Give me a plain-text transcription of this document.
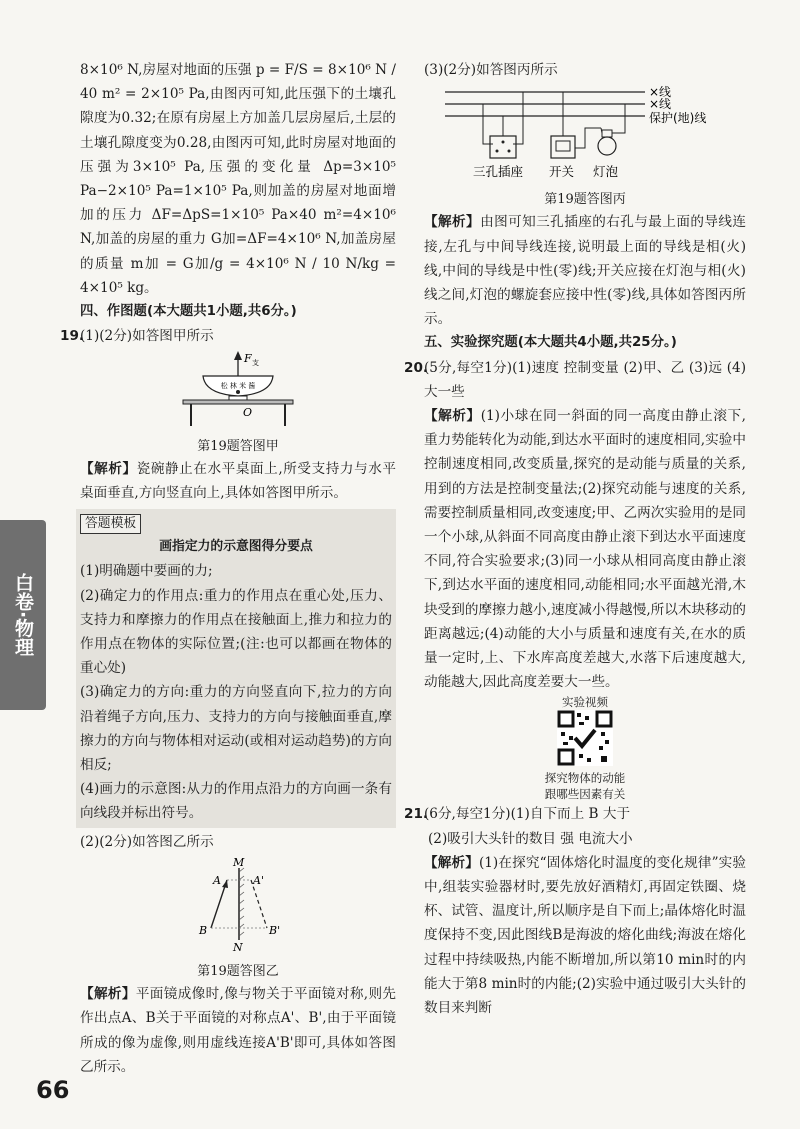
白卷·物理

8×10⁶ N,房屋对地面的压强 p = F/S = 8×10⁶ N / 40 m² = 2×10⁵ Pa,由图丙可知,此压强下的土壤孔隙度为0.32;在原有房屋上方加盖几层房屋后,土层的土壤孔隙度变为0.28,由图丙可知,此时房屋对地面的压强为3×10⁵ Pa,压强的变化量 Δp=3×10⁵ Pa−2×10⁵ Pa=1×10⁵ Pa,则加盖的房屋对地面增加的压力 ΔF=ΔpS=1×10⁵ Pa×40 m²=4×10⁶ N,加盖的房屋的重力 G加=ΔF=4×10⁶ N,加盖房屋的质量 m加 = G加/g = 4×10⁶ N / 10 N/kg = 4×10⁵ kg。

四、作图题(本大题共1小题,共6分。)

19.(1)(2分)如答图甲所示

F 支
松 林 米 酱
O

第19题答图甲

【解析】瓷碗静止在水平桌面上,所受支持力与水平桌面垂直,方向竖直向上,具体如答图甲所示。

答题模板

画指定力的示意图得分要点

(1)明确题中要画的力;

(2)确定力的作用点:重力的作用点在重心处,压力、支持力和摩擦力的作用点在接触面上,推力和拉力的作用点在物体的实际位置;(注:也可以都画在物体的重心处)

(3)确定力的方向:重力的方向竖直向下,拉力的方向沿着绳子方向,压力、支持力的方向与接触面垂直,摩擦力的方向与物体相对运动(或相对运动趋势)的方向相反;

(4)画力的示意图:从力的作用点沿力的方向画一条有向线段并标出符号。

(2)(2分)如答图乙所示

M
N
A	A'
B	B'

第19题答图乙

【解析】平面镜成像时,像与物关于平面镜对称,则先作出点A、B关于平面镜的对称点A'、B',由于平面镜所成的像为虚像,则用虚线连接A'B'即可,具体如答图乙所示。

(3)(2分)如答图丙所示

×线
×线
保护(地)线
三孔插座 开关 灯泡

第19题答图丙

【解析】由图可知三孔插座的右孔与最上面的导线连接,左孔与中间导线连接,说明最上面的导线是相(火)线,中间的导线是中性(零)线;开关应接在灯泡与相(火)线之间,灯泡的螺旋套应接中性(零)线,具体如答图丙所示。

五、实验探究题(本大题共4小题,共25分。)

20.(5分,每空1分)(1)速度 控制变量 (2)甲、乙 (3)远 (4)大一些

【解析】(1)小球在同一斜面的同一高度由静止滚下,重力势能转化为动能,到达水平面时的速度相同,实验中控制速度相同,改变质量,探究的是动能与质量的关系,用到的方法是控制变量法;(2)探究动能与速度的关系,需要控制质量相同,改变速度;甲、乙两次实验用的是同一个小球,从斜面不同高度由静止滚下到达水平面速度不同,符合实验要求;(3)同一小球从相同高度由静止滚下,到达水平面的速度相同,动能相同;水平面越光滑,木块受到的摩擦力越小,速度减小得越慢,所以木块移动的距离越远;(4)动能的大小与质量和速度有关,在水的质量一定时,上、下水库高度差越大,水落下后速度越大,动能越大,因此高度差要大一些。

实验视频
探究物体的动能
跟哪些因素有关

21.(6分,每空1分)(1)自下而上 B 大于

(2)吸引大头针的数目 强 电流大小

【解析】(1)在探究“固体熔化时温度的变化规律”实验中,组装实验器材时,要先放好酒精灯,再固定铁圈、烧杯、试管、温度计,所以顺序是自下而上;晶体熔化时温度保持不变,因此图线B是海波的熔化曲线;海波在熔化过程中持续吸热,内能不断增加,所以第10 min时的内能大于第8 min时的内能;(2)实验中通过吸引大头针的数目来判断

66
